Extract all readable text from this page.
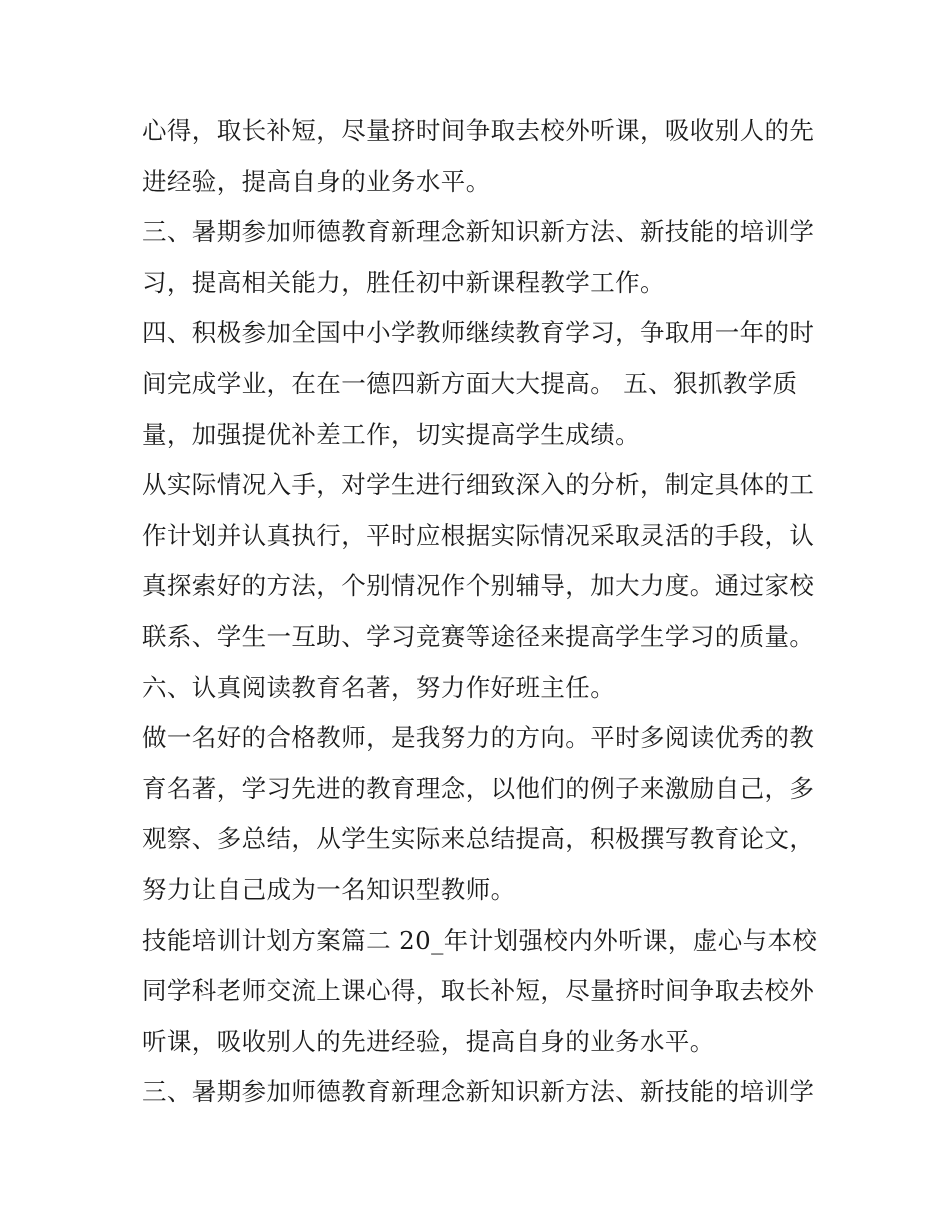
心得，取长补短，尽量挤时间争取去校外听课，吸收别人的先

进经验，提高自身的业务水平。

三、暑期参加师德教育新理念新知识新方法、新技能的培训学

习，提高相关能力，胜任初中新课程教学工作。

四、积极参加全国中小学教师继续教育学习，争取用一年的时

间完成学业，在在一德四新方面大大提高。 五、狠抓教学质

量，加强提优补差工作，切实提高学生成绩。

从实际情况入手，对学生进行细致深入的分析，制定具体的工

作计划并认真执行，平时应根据实际情况采取灵活的手段，认

真探索好的方法，个别情况作个别辅导，加大力度。通过家校

联系、学生一互助、学习竞赛等途径来提高学生学习的质量。

六、认真阅读教育名著，努力作好班主任。

做一名好的合格教师，是我努力的方向。平时多阅读优秀的教

育名著，学习先进的教育理念，以他们的例子来激励自己，多

观察、多总结，从学生实际来总结提高，积极撰写教育论文，

努力让自己成为一名知识型教师。

技能培训计划方案篇二 20_年计划强校内外听课，虚心与本校

同学科老师交流上课心得，取长补短，尽量挤时间争取去校外

听课，吸收别人的先进经验，提高自身的业务水平。

三、暑期参加师德教育新理念新知识新方法、新技能的培训学
